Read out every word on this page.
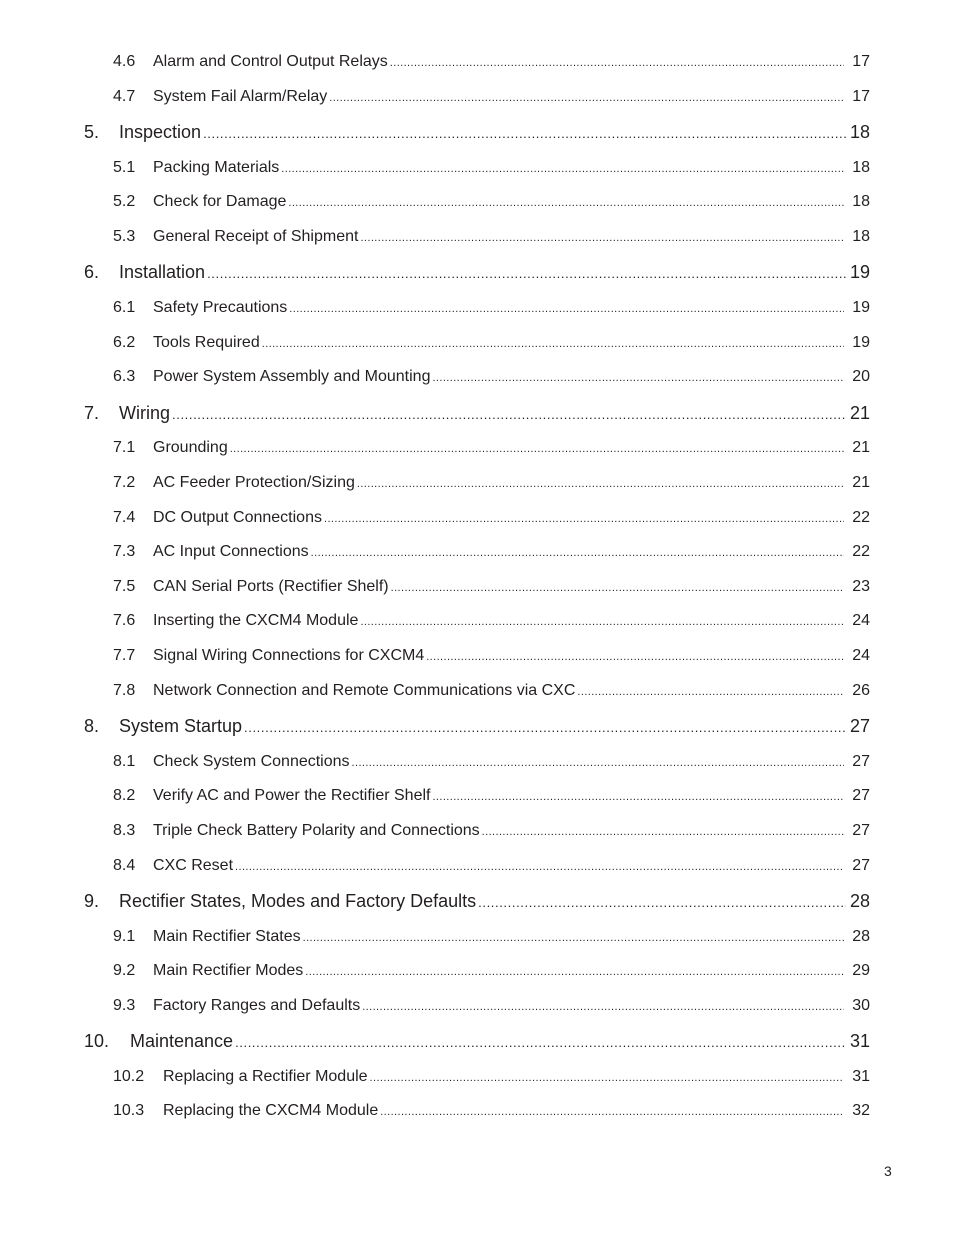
4.6	Alarm and Control Output Relays .....	17
4.7	System Fail Alarm/Relay .....	17
5.	Inspection .....	18
5.1	Packing Materials .....	18
5.2	Check for Damage .....	18
5.3	General Receipt of Shipment .....	18
6.	Installation .....	19
6.1	Safety Precautions .....	19
6.2	Tools Required .....	19
6.3	Power System Assembly and Mounting .....	20
7.	Wiring .....	21
7.1	Grounding .....	21
7.2	AC Feeder Protection/Sizing .....	21
7.4	DC Output Connections .....	22
7.3	AC Input Connections .....	22
7.5	CAN Serial Ports (Rectifier Shelf) .....	23
7.6	Inserting the CXCM4 Module .....	24
7.7	Signal Wiring Connections for CXCM4 .....	24
7.8	Network Connection and Remote Communications via CXC .....	26
8.	System Startup .....	27
8.1	Check System Connections .....	27
8.2	Verify AC and Power the Rectifier Shelf .....	27
8.3	Triple Check Battery Polarity and Connections .....	27
8.4	CXC Reset .....	27
9.	Rectifier States, Modes and Factory Defaults .....	28
9.1	Main Rectifier States .....	28
9.2	Main Rectifier Modes .....	29
9.3	Factory Ranges and Defaults .....	30
10.	Maintenance .....	31
10.2	Replacing a Rectifier Module .....	31
10.3	Replacing the CXCM4 Module .....	32
3
